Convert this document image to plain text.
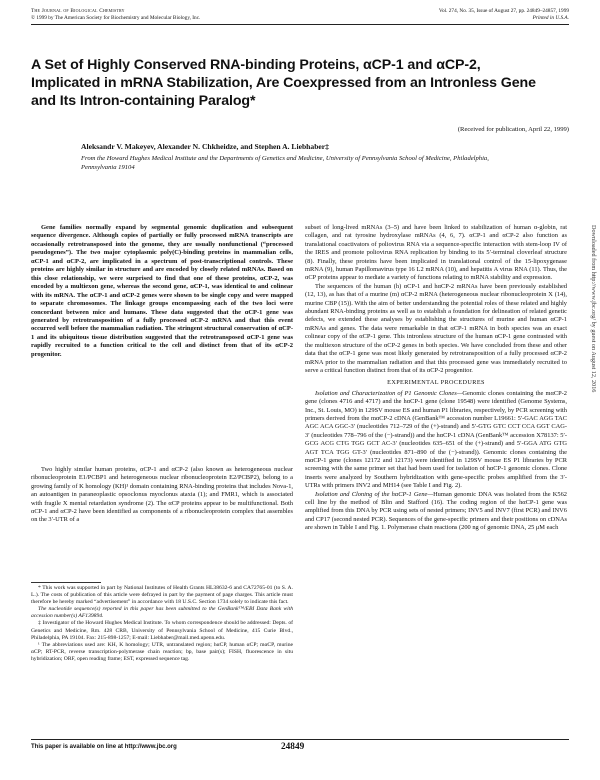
The Journal of Biological Chemistry
© 1999 by The American Society for Biochemistry and Molecular Biology, Inc.
Vol. 274, No. 35, Issue of August 27, pp. 24849–24857, 1999
Printed in U.S.A.
A Set of Highly Conserved RNA-binding Proteins, αCP-1 and αCP-2, Implicated in mRNA Stabilization, Are Coexpressed from an Intronless Gene and Its Intron-containing Paralog*
(Received for publication, April 22, 1999)
Aleksandr V. Makeyev, Alexander N. Chkheidze, and Stephen A. Liebhaber‡
From the Howard Hughes Medical Institute and the Departments of Genetics and Medicine, University of Pennsylvania School of Medicine, Philadelphia, Pennsylvania 19104

Gene families normally expand by segmental genomic duplication and subsequent sequence divergence. Although copies of partially or fully processed mRNA transcripts are occasionally retrotransposed into the genome, they are usually nonfunctional (“processed pseudogenes”). The two major cytoplasmic poly(C)-binding proteins in mammalian cells, αCP-1 and αCP-2, are implicated in a spectrum of post-transcriptional controls. These proteins are highly similar in structure and are encoded by closely related mRNAs. Based on this close relationship, we were surprised to find that one of these proteins, αCP-2, was encoded by a multiexon gene, whereas the second gene, αCP-1, was identical to and colinear with its mRNA. The αCP-1 and αCP-2 genes were shown to be single copy and were mapped to separate chromosomes. The linkage groups encompassing each of the two loci were concordant between mice and humans. These data suggested that the αCP-1 gene was generated by retrotransposition of a fully processed αCP-2 mRNA and that this event occurred well before the mammalian radiation. The stringent structural conservation of αCP-1 and its ubiquitous tissue distribution suggested that the retrotransposed αCP-1 gene was rapidly recruited to a function critical to the cell and distinct from that of its αCP-2 progenitor.

Two highly similar human proteins, αCP-1 and αCP-2 (also known as heterogeneous nuclear ribonucleoprotein E1/PCBP1 and heterogeneous nuclear ribonucleoprotein E2/PCBP2), belong to a growing family of K homology (KH)¹ domain containing RNA-binding proteins that includes Nova-1, an autoantigen in paraneoplastic opsoclonus myoclonus ataxia (1); and FMR1, which is associated with fragile X mental retardation syndrome (2). The αCP proteins appear to be multifunctional. Both αCP-1 and αCP-2 have been identified as components of a ribonucleoprotein complex that assembles on the 3′-UTR of a

* This work was supported in part by National Institutes of Health Grants HL38632-6 and CA72765-01 (to S. A. L.). The costs of publication of this article were defrayed in part by the payment of page charges. This article must therefore be hereby marked “advertisement” in accordance with 18 U.S.C. Section 1734 solely to indicate this fact.

The nucleotide sequence(s) reported in this paper has been submitted to the GenBank™/EBI Data Bank with accession number(s) AF139894.

‡ Investigator of the Howard Hughes Medical Institute. To whom correspondence should be addressed: Depts. of Genetics and Medicine, Rm. 428 CRB, University of Pennsylvania School of Medicine, 415 Curie Blvd., Philadelphia, PA 19104. Fax: 215-898-1257; E-mail: Liebhaber@mail.med.upenn.edu.

¹ The abbreviations used are: KH, K homology; UTR, untranslated region; hαCP, human αCP; mαCP, murine αCP; RT-PCR, reverse transcription-polymerase chain reaction; bp, base pair(s); FISH, fluorescence in situ hybridization; ORF, open reading frame; EST, expressed sequence tag.

subset of long-lived mRNAs (3–5) and have been linked to stabilization of human α-globin, rat collagen, and rat tyrosine hydroxylase mRNAs (4, 6, 7). αCP-1 and αCP-2 also function as translational coactivators of poliovirus RNA via a sequence-specific interaction with stem-loop IV of the IRES and promote poliovirus RNA replication by binding to its 5′-terminal cloverleaf structure (8). Finally, these proteins have been implicated in translational control of the 15-lipoxygenase mRNA (9), human Papillomavirus type 16 L2 mRNA (10), and hepatitis A virus RNA (11). Thus, the αCP proteins appear to mediate a variety of functions relating to mRNA stability and expression.

The sequences of the human (h) αCP-1 and hαCP-2 mRNAs have been previously established (12, 13), as has that of a murine (m) αCP-2 mRNA (heterogeneous nuclear ribonucleoprotein X (14), murine CBP (15)). With the aim of better understanding the potential roles of these related and highly abundant RNA-binding proteins as well as to establish a foundation for delineation of related genetic defects, we extended these analyses by establishing the structures of murine and human αCP-1 mRNAs and genes. The data were remarkable in that αCP-1 mRNA in both species was an exact colinear copy of the αCP-1 gene. This intronless structure of the human αCP-1 gene contrasted with the multiexon structure of the αCP-2 genes in both species. We have concluded from these and other data that the αCP-1 gene was most likely generated by retrotransposition of a fully processed αCP-2 mRNA prior to the mammalian radiation and that this processed gene was immediately recruited to serve a critical function distinct from that of its αCP-2 progenitor.

EXPERIMENTAL PROCEDURES

Isolation and Characterization of P1 Genomic Clones—Genomic clones containing the mαCP-2 gene (clones 4716 and 4717) and the hαCP-1 gene (clone 19548) were identified (Genome Systems, Inc., St. Louis, MO) in 129SV mouse ES and human P1 libraries, respectively, by PCR screening with primers derived from the mαCP-2 cDNA (GenBank™ accession number L19661: 5′-GAC AGG TAC AGC ACA GGC-3′ (nucleotides 712–729 of the (+)-strand) and 5′-GTG GTC CCT CCA GGT CAG-3′ (nucleotides 778–796 of the (−)-strand)) and the hαCP-1 cDNA (GenBank™ accession X78137: 5′-GCG ACG CTG TGG GCT AC-3′ (nucleotides 635–651 of the (+)-strand) and 5′-GGA ATG GTG AGT TCA TGG GT-3′ (nucleotides 871–890 of the (−)-strand)). Genomic clones containing the mαCP-1 gene (clones 12172 and 12173) were identified in 129SV mouse ES P1 libraries by PCR screening with the same primer set that had been used for isolation of hαCP-1 genomic clones. Clone inserts were analyzed by Southern hybridization with gene-specific probes amplified from the 3′-UTRs with primers INV2 and MH14 (see Table I and Fig. 2).

Isolation and Cloning of the hαCP-1 Gene—Human genomic DNA was isolated from the K562 cell line by the method of Blin and Stafford (16). The coding region of the hαCP-1 gene was amplified from this DNA by PCR using sets of nested primers; INV5 and INV7 (first PCR) and INV6 and CP17 (second nested PCR). Sequences of the gene-specific primers and their positions on cDNAs are shown in Table I and Fig. 1. Polymerase chain reactions (200 ng of genomic DNA, 25 μM each

Downloaded from http://www.jbc.org/ by guest on August 12, 2016
This paper is available on line at http://www.jbc.org	24849
